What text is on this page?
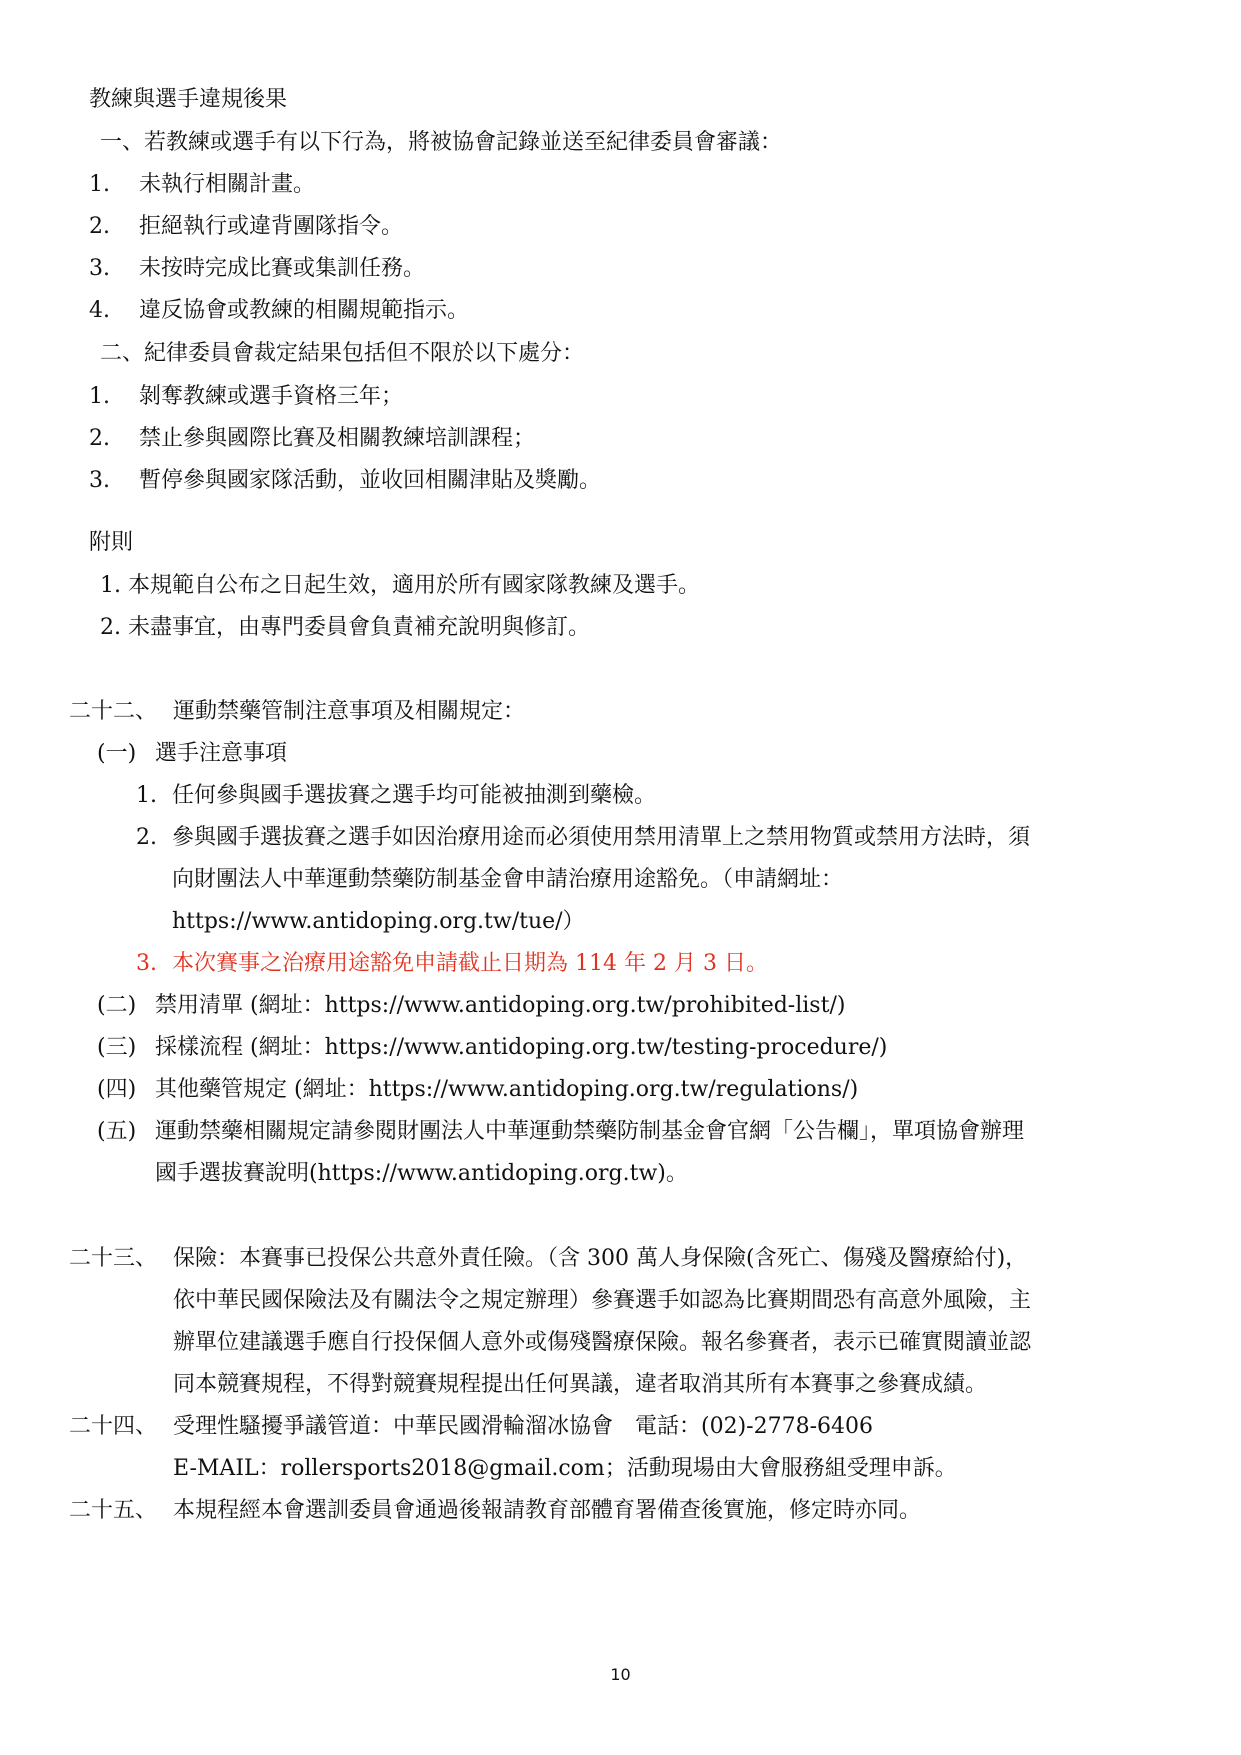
教練與選手違規後果
一、若教練或選手有以下行為，將被協會記錄並送至紀律委員會審議：
1. 未執行相關計畫。
2. 拒絕執行或違背團隊指令。
3. 未按時完成比賽或集訓任務。
4. 違反協會或教練的相關規範指示。
二、紀律委員會裁定結果包括但不限於以下處分：
1. 剝奪教練或選手資格三年；
2. 禁止參與國際比賽及相關教練培訓課程；
3. 暫停參與國家隊活動，並收回相關津貼及獎勵。
附則
1. 本規範自公布之日起生效，適用於所有國家隊教練及選手。
2. 未盡事宜，由專門委員會負責補充說明與修訂。
二十二、 運動禁藥管制注意事項及相關規定：
(一) 選手注意事項
1. 任何參與國手選拔賽之選手均可能被抽測到藥檢。
2. 參與國手選拔賽之選手如因治療用途而必須使用禁用清單上之禁用物質或禁用方法時，須
向財團法人中華運動禁藥防制基金會申請治療用途豁免。（申請網址：
https://www.antidoping.org.tw/tue/）
3. 本次賽事之治療用途豁免申請截止日期為 114 年 2 月 3 日。
(二) 禁用清單 (網址：https://www.antidoping.org.tw/prohibited-list/)
(三) 採樣流程 (網址：https://www.antidoping.org.tw/testing-procedure/)
(四) 其他藥管規定 (網址：https://www.antidoping.org.tw/regulations/)
(五) 運動禁藥相關規定請參閱財團法人中華運動禁藥防制基金會官網「公告欄」，單項協會辦理
國手選拔賽說明(https://www.antidoping.org.tw)。
二十三、 保險：本賽事已投保公共意外責任險。（含 300 萬人身保險(含死亡、傷殘及醫療給付)，
依中華民國保險法及有關法令之規定辦理）參賽選手如認為比賽期間恐有高意外風險，主
辦單位建議選手應自行投保個人意外或傷殘醫療保險。報名參賽者，表示已確實閱讀並認
同本競賽規程，不得對競賽規程提出任何異議，違者取消其所有本賽事之參賽成績。
二十四、 受理性騷擾爭議管道：中華民國滑輪溜冰協會　電話：(02)-2778-6406
E-MAIL：rollersports2018@gmail.com；活動現場由大會服務組受理申訴。
二十五、 本規程經本會選訓委員會通過後報請教育部體育署備查後實施，修定時亦同。
10
